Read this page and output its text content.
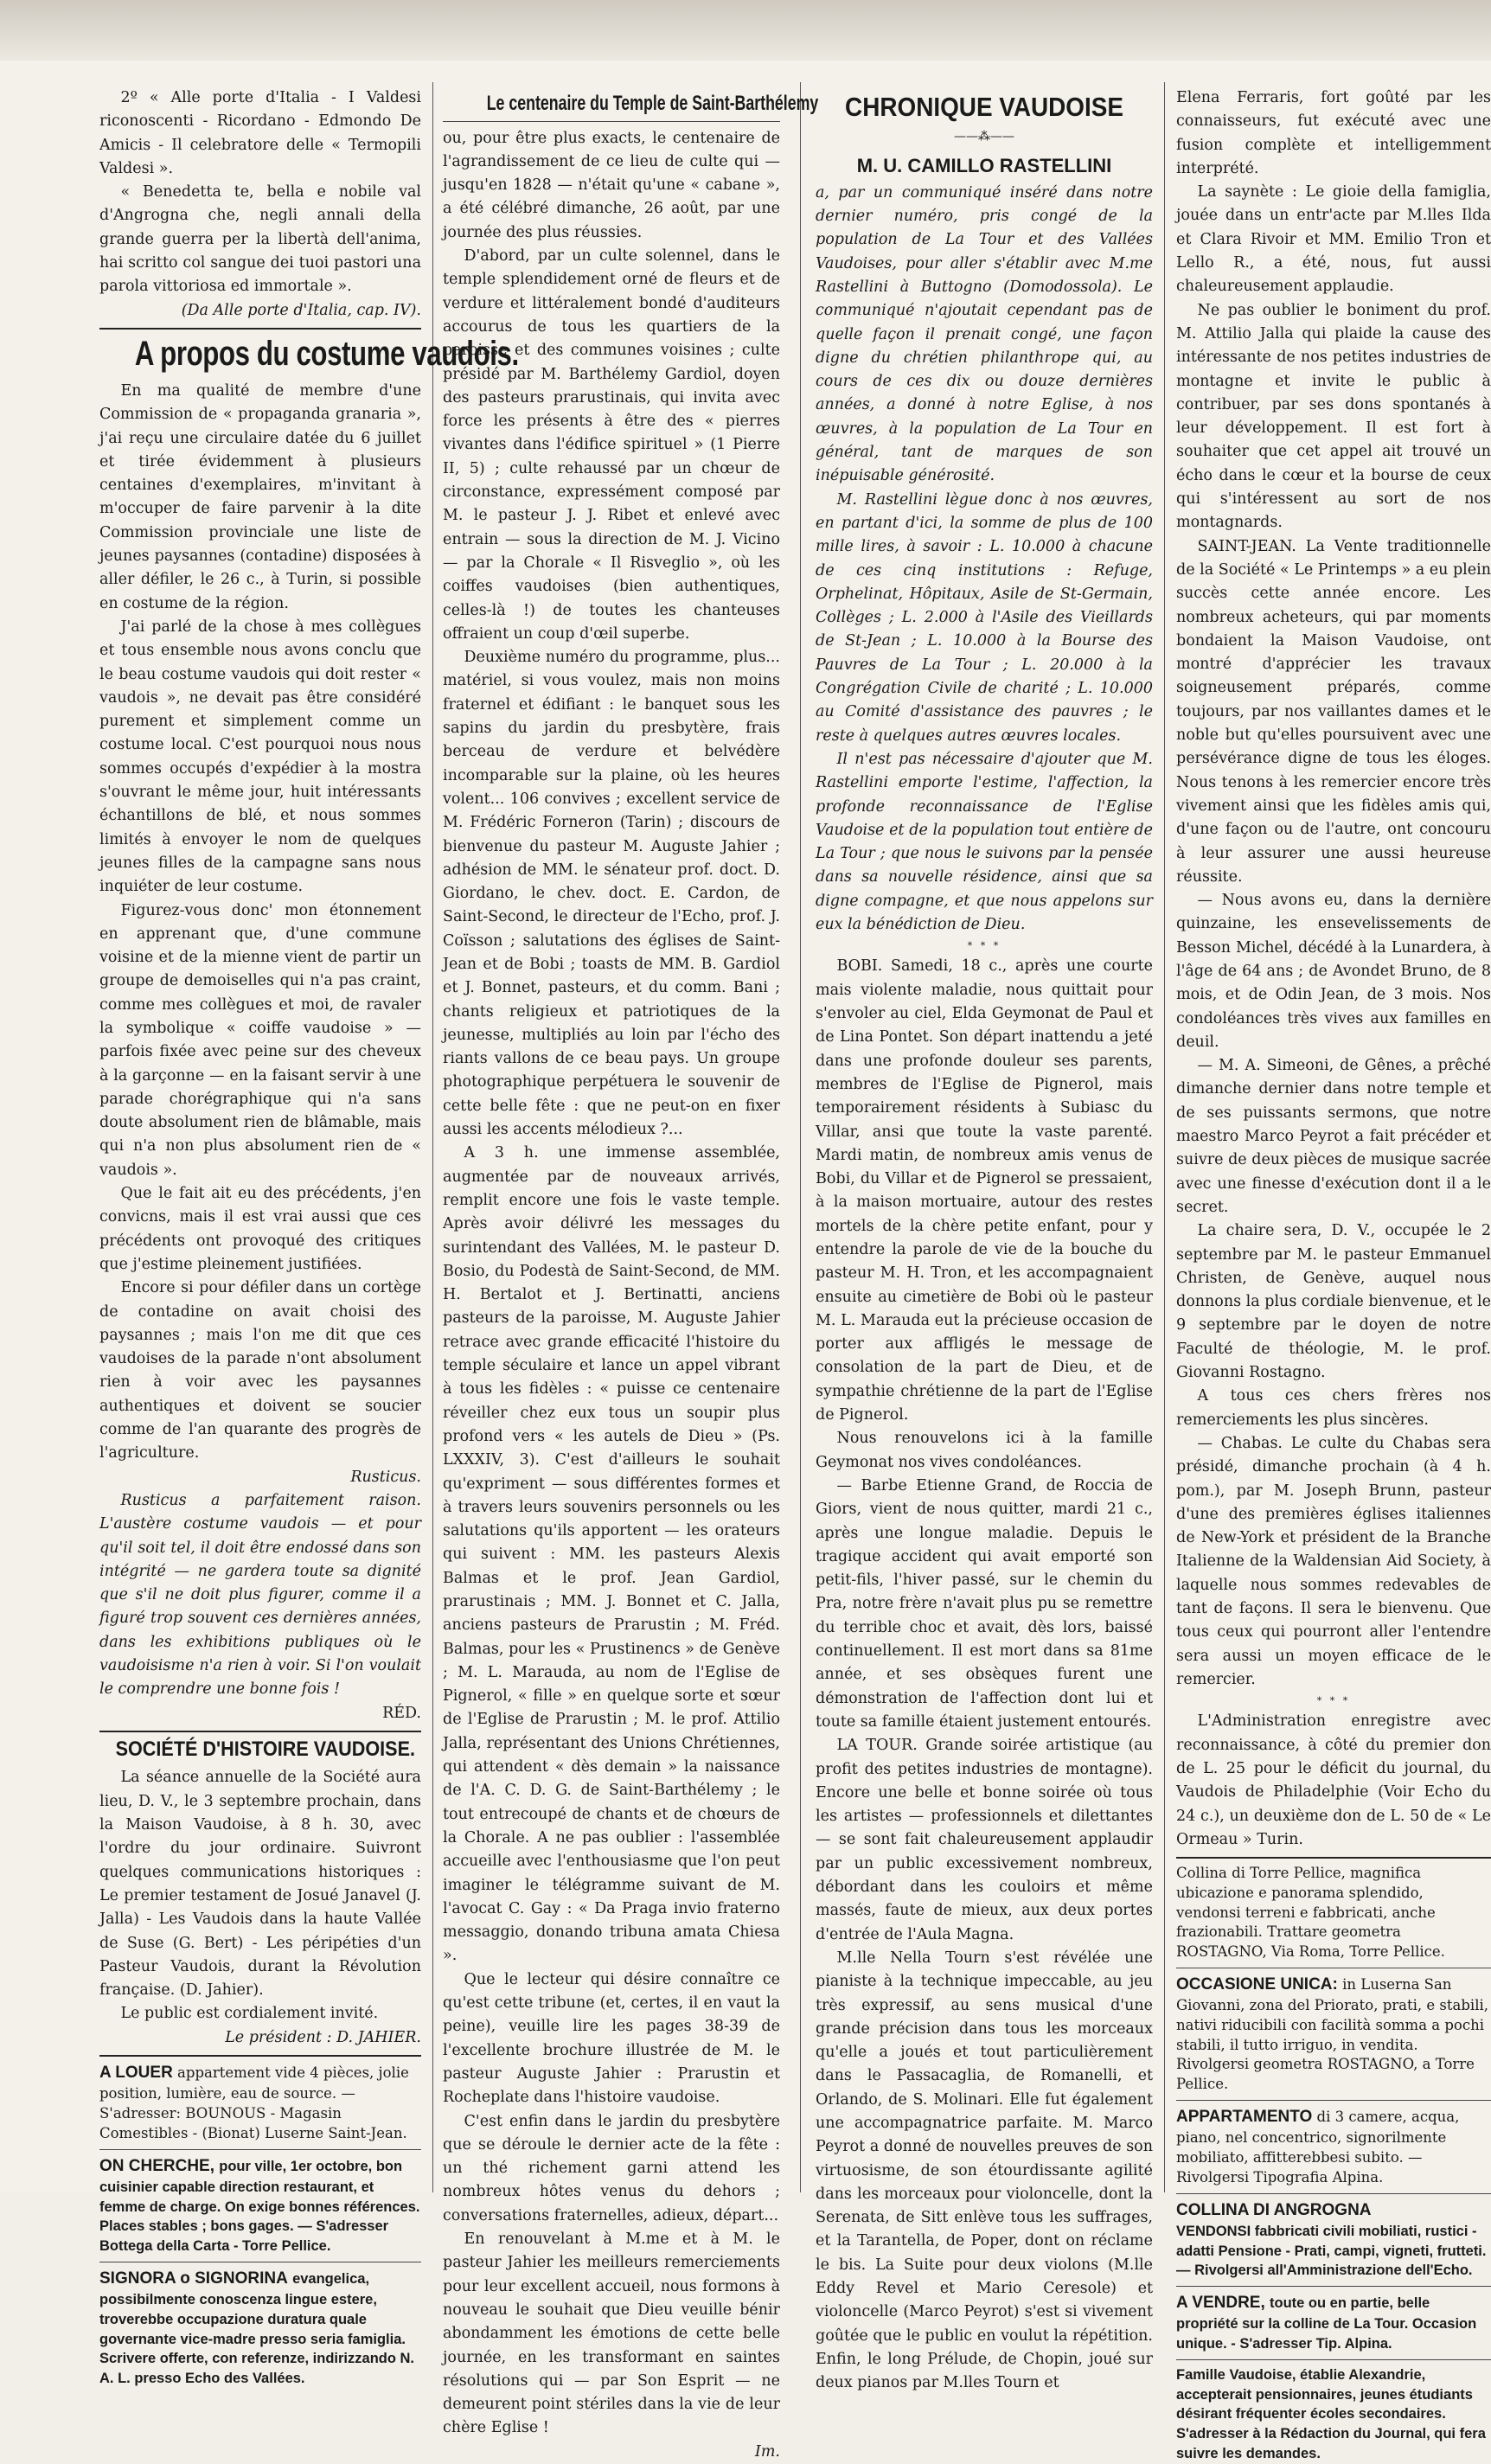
2º « Alle porte d'Italia - I Valdesi riconoscenti - Ricordano - Edmondo De Amicis - Il celebratore delle « Termopili Valdesi ».

« Benedetta te, bella e nobile val d'Angrogna che, negli annali della grande guerra per la libertà dell'anima, hai scritto col sangue dei tuoi pastori una parola vittoriosa ed immortale ».

(Da Alle porte d'Italia, cap. IV).

A propos du costume vaudois.

En ma qualité de membre d'une Commission de « propaganda granaria », j'ai reçu une circulaire datée du 6 juillet et tirée évidemment à plusieurs centaines d'exemplaires, m'invitant à m'occuper de faire parvenir à la dite Commission provinciale une liste de jeunes paysannes (contadine) disposées à aller défiler, le 26 c., à Turin, si possible en costume de la région.

J'ai parlé de la chose à mes collègues et tous ensemble nous avons conclu que le beau costume vaudois qui doit rester « vaudois », ne devait pas être considéré purement et simplement comme un costume local. C'est pourquoi nous nous sommes occupés d'expédier à la mostra s'ouvrant le même jour, huit intéressants échantillons de blé, et nous sommes limités à envoyer le nom de quelques jeunes filles de la campagne sans nous inquiéter de leur costume.

Figurez-vous donc' mon étonnement en apprenant que, d'une commune voisine et de la mienne vient de partir un groupe de demoiselles qui n'a pas craint, comme mes collègues et moi, de ravaler la symbolique « coiffe vaudoise » — parfois fixée avec peine sur des cheveux à la garçonne — en la faisant servir à une parade chorégraphique qui n'a sans doute absolument rien de blâmable, mais qui n'a non plus absolument rien de « vaudois ».

Que le fait ait eu des précédents, j'en convicns, mais il est vrai aussi que ces précédents ont provoqué des critiques que j'estime pleinement justifiées.

Encore si pour défiler dans un cortège de contadine on avait choisi des paysannes ; mais l'on me dit que ces vaudoises de la parade n'ont absolument rien à voir avec les paysannes authentiques et doivent se soucier comme de l'an quarante des progrès de l'agriculture.

Rusticus.

Rusticus a parfaitement raison. L'austère costume vaudois — et pour qu'il soit tel, il doit être endossé dans son intégrité — ne gardera toute sa dignité que s'il ne doit plus figurer, comme il a figuré trop souvent ces dernières années, dans les exhibitions publiques où le vaudoisisme n'a rien à voir. Si l'on voulait le comprendre une bonne fois !

RÉD.

SOCIÉTÉ D'HISTOIRE VAUDOISE.

La séance annuelle de la Société aura lieu, D. V., le 3 septembre prochain, dans la Maison Vaudoise, à 8 h. 30, avec l'ordre du jour ordinaire. Suivront quelques communications historiques : Le premier testament de Josué Janavel (J. Jalla) - Les Vaudois dans la haute Vallée de Suse (G. Bert) - Les péripéties d'un Pasteur Vaudois, durant la Révolution française. (D. Jahier).

Le public est cordialement invité.

Le président : D. JAHIER.

A LOUER appartement vide 4 pièces, jolie position, lumière, eau de source. — S'adresser: BOUNOUS - Magasin Comestibles - (Bionat) Luserne Saint-Jean.
ON CHERCHE, pour ville, 1er octobre, bon cuisinier capable direction restaurant, et femme de charge. On exige bonnes références. Places stables ; bons gages. — S'adresser Bottega della Carta - Torre Pellice.
SIGNORA o SIGNORINA evangelica, possibilmente conoscenza lingue estere, troverebbe occupazione duratura quale governante vice-madre presso seria famiglia. Scrivere offerte, con referenze, indirizzando N. A. L. presso Echo des Vallées.
Le centenaire du Temple de Saint-Barthélemy

ou, pour être plus exacts, le centenaire de l'agrandissement de ce lieu de culte qui — jusqu'en 1828 — n'était qu'une « cabane », a été célébré dimanche, 26 août, par une journée des plus réussies.

D'abord, par un culte solennel, dans le temple splendidement orné de fleurs et de verdure et littéralement bondé d'auditeurs accourus de tous les quartiers de la paroisse et des communes voisines ; culte présidé par M. Barthélemy Gardiol, doyen des pasteurs prarustinais, qui invita avec force les présents à être des « pierres vivantes dans l'édifice spirituel » (1 Pierre II, 5) ; culte rehaussé par un chœur de circonstance, expressément composé par M. le pasteur J. J. Ribet et enlevé avec entrain — sous la direction de M. J. Vicino — par la Chorale « Il Risveglio », où les coiffes vaudoises (bien authentiques, celles-là !) de toutes les chanteuses offraient un coup d'œil superbe.

Deuxième numéro du programme, plus... matériel, si vous voulez, mais non moins fraternel et édifiant : le banquet sous les sapins du jardin du presbytère, frais berceau de verdure et belvédère incomparable sur la plaine, où les heures volent... 106 convives ; excellent service de M. Frédéric Forneron (Tarin) ; discours de bienvenue du pasteur M. Auguste Jahier ; adhésion de MM. le sénateur prof. doct. D. Giordano, le chev. doct. E. Cardon, de Saint-Second, le directeur de l'Echo, prof. J. Coïsson ; salutations des églises de Saint-Jean et de Bobi ; toasts de MM. B. Gardiol et J. Bonnet, pasteurs, et du comm. Bani ; chants religieux et patriotiques de la jeunesse, multipliés au loin par l'écho des riants vallons de ce beau pays. Un groupe photographique perpétuera le souvenir de cette belle fête : que ne peut-on en fixer aussi les accents mélodieux ?...

A 3 h. une immense assemblée, augmentée par de nouveaux arrivés, remplit encore une fois le vaste temple. Après avoir délivré les messages du surintendant des Vallées, M. le pasteur D. Bosio, du Podestà de Saint-Second, de MM. H. Bertalot et J. Bertinatti, anciens pasteurs de la paroisse, M. Auguste Jahier retrace avec grande efficacité l'histoire du temple séculaire et lance un appel vibrant à tous les fidèles : « puisse ce centenaire réveiller chez eux tous un soupir plus profond vers « les autels de Dieu » (Ps. LXXXIV, 3). C'est d'ailleurs le souhait qu'expriment — sous différentes formes et à travers leurs souvenirs personnels ou les salutations qu'ils apportent — les orateurs qui suivent : MM. les pasteurs Alexis Balmas et le prof. Jean Gardiol, prarustinais ; MM. J. Bonnet et C. Jalla, anciens pasteurs de Prarustin ; M. Fréd. Balmas, pour les « Prustinencs » de Genève ; M. L. Marauda, au nom de l'Eglise de Pignerol, « fille » en quelque sorte et sœur de l'Eglise de Prarustin ; M. le prof. Attilio Jalla, représentant des Unions Chrétiennes, qui attendent « dès demain » la naissance de l'A. C. D. G. de Saint-Barthélemy ; le tout entrecoupé de chants et de chœurs de la Chorale. A ne pas oublier : l'assemblée accueille avec l'enthousiasme que l'on peut imaginer le télégramme suivant de M. l'avocat C. Gay : « Da Praga invio fraterno messaggio, donando tribuna amata Chiesa ».

Que le lecteur qui désire connaître ce qu'est cette tribune (et, certes, il en vaut la peine), veuille lire les pages 38-39 de l'excellente brochure illustrée de M. le pasteur Auguste Jahier : Prarustin et Rocheplate dans l'histoire vaudoise.

C'est enfin dans le jardin du presbytère que se déroule le dernier acte de la fête : un thé richement garni attend les nombreux hôtes venus du dehors ; conversations fraternelles, adieux, départ...

En renouvelant à M.me et à M. le pasteur Jahier les meilleurs remerciements pour leur excellent accueil, nous formons à nouveau le souhait que Dieu veuille bénir abondamment les émotions de cette belle journée, en les transformant en saintes résolutions qui — par Son Esprit — ne demeurent point stériles dans la vie de leur chère Eglise !

Im.

CHRONIQUE VAUDOISE
——⁂——
M. U. CAMILLO RASTELLINI

a, par un communiqué inséré dans notre dernier numéro, pris congé de la population de La Tour et des Vallées Vaudoises, pour aller s'établir avec M.me Rastellini à Buttogno (Domodossola). Le communiqué n'ajoutait cependant pas de quelle façon il prenait congé, une façon digne du chrétien philanthrope qui, au cours de ces dix ou douze dernières années, a donné à notre Eglise, à nos œuvres, à la population de La Tour en général, tant de marques de son inépuisable générosité.

M. Rastellini lègue donc à nos œuvres, en partant d'ici, la somme de plus de 100 mille lires, à savoir : L. 10.000 à chacune de ces cinq institutions : Refuge, Orphelinat, Hôpitaux, Asile de St-Germain, Collèges ; L. 2.000 à l'Asile des Vieillards de St-Jean ; L. 10.000 à la Bourse des Pauvres de La Tour ; L. 20.000 à la Congrégation Civile de charité ; L. 10.000 au Comité d'assistance des pauvres ; le reste à quelques autres œuvres locales.

Il n'est pas nécessaire d'ajouter que M. Rastellini emporte l'estime, l'affection, la profonde reconnaissance de l'Eglise Vaudoise et de la population tout entière de La Tour ; que nous le suivons par la pensée dans sa nouvelle résidence, ainsi que sa digne compagne, et que nous appelons sur eux la bénédiction de Dieu.

* * *

BOBI. Samedi, 18 c., après une courte mais violente maladie, nous quittait pour s'envoler au ciel, Elda Geymonat de Paul et de Lina Pontet. Son départ inattendu a jeté dans une profonde douleur ses parents, membres de l'Eglise de Pignerol, mais temporairement résidents à Subiasc du Villar, ansi que toute la vaste parenté. Mardi matin, de nombreux amis venus de Bobi, du Villar et de Pignerol se pressaient, à la maison mortuaire, autour des restes mortels de la chère petite enfant, pour y entendre la parole de vie de la bouche du pasteur M. H. Tron, et les accompagnaient ensuite au cimetière de Bobi où le pasteur M. L. Marauda eut la précieuse occasion de porter aux affligés le message de consolation de la part de Dieu, et de sympathie chrétienne de la part de l'Eglise de Pignerol.

Nous renouvelons ici à la famille Geymonat nos vives condoléances.

— Barbe Etienne Grand, de Roccia de Giors, vient de nous quitter, mardi 21 c., après une longue maladie. Depuis le tragique accident qui avait emporté son petit-fils, l'hiver passé, sur le chemin du Pra, notre frère n'avait plus pu se remettre du terrible choc et avait, dès lors, baissé continuellement. Il est mort dans sa 81me année, et ses obsèques furent une démonstration de l'affection dont lui et toute sa famille étaient justement entourés.

LA TOUR. Grande soirée artistique (au profit des petites industries de montagne). Encore une belle et bonne soirée où tous les artistes — professionnels et dilettantes — se sont fait chaleureusement applaudir par un public excessivement nombreux, débordant dans les couloirs et même massés, faute de mieux, aux deux portes d'entrée de l'Aula Magna.

M.lle Nella Tourn s'est révélée une pianiste à la technique impeccable, au jeu très expressif, au sens musical d'une grande précision dans tous les morceaux qu'elle a joués et tout particulièrement dans le Passacaglia, de Romanelli, et Orlando, de S. Molinari. Elle fut également une accompagnatrice parfaite. M. Marco Peyrot a donné de nouvelles preuves de son virtuosisme, de son étourdissante agilité dans les morceaux pour violoncelle, dont la Serenata, de Sitt enlève tous les suffrages, et la Tarantella, de Poper, dont on réclame le bis. La Suite pour deux violons (M.lle Eddy Revel et Mario Ceresole) et violoncelle (Marco Peyrot) s'est si vivement goûtée que le public en voulut la répétition. Enfin, le long Prélude, de Chopin, joué sur deux pianos par M.lles Tourn et

Elena Ferraris, fort goûté par les connaisseurs, fut exécuté avec une fusion complète et intelligemment interprété.

La saynète : Le gioie della famiglia, jouée dans un entr'acte par M.lles Ilda et Clara Rivoir et MM. Emilio Tron et Lello R., a été, nous, fut aussi chaleureusement applaudie.

Ne pas oublier le boniment du prof. M. Attilio Jalla qui plaide la cause des intéressante de nos petites industries de montagne et invite le public à contribuer, par ses dons spontanés à leur développement. Il est fort à souhaiter que cet appel ait trouvé un écho dans le cœur et la bourse de ceux qui s'intéressent au sort de nos montagnards.

SAINT-JEAN. La Vente traditionnelle de la Société « Le Printemps » a eu plein succès cette année encore. Les nombreux acheteurs, qui par moments bondaient la Maison Vaudoise, ont montré d'apprécier les travaux soigneusement préparés, comme toujours, par nos vaillantes dames et le noble but qu'elles poursuivent avec une persévérance digne de tous les éloges. Nous tenons à les remercier encore très vivement ainsi que les fidèles amis qui, d'une façon ou de l'autre, ont concouru à leur assurer une aussi heureuse réussite.

— Nous avons eu, dans la dernière quinzaine, les ensevelissements de Besson Michel, décédé à la Lunardera, à l'âge de 64 ans ; de Avondet Bruno, de 8 mois, et de Odin Jean, de 3 mois. Nos condoléances très vives aux familles en deuil.

— M. A. Simeoni, de Gênes, a prêché dimanche dernier dans notre temple et de ses puissants sermons, que notre maestro Marco Peyrot a fait précéder et suivre de deux pièces de musique sacrée avec une finesse d'exécution dont il a le secret.

La chaire sera, D. V., occupée le 2 septembre par M. le pasteur Emmanuel Christen, de Genève, auquel nous donnons la plus cordiale bienvenue, et le 9 septembre par le doyen de notre Faculté de théologie, M. le prof. Giovanni Rostagno.

A tous ces chers frères nos remerciements les plus sincères.

— Chabas. Le culte du Chabas sera présidé, dimanche prochain (à 4 h. pom.), par M. Joseph Brunn, pasteur d'une des premières églises italiennes de New-York et président de la Branche Italienne de la Waldensian Aid Society, à laquelle nous sommes redevables de tant de façons. Il sera le bienvenu. Que tous ceux qui pourront aller l'entendre sera aussi un moyen efficace de le remercier.

* * *

L'Administration enregistre avec reconnaissance, à côté du premier don de L. 25 pour le déficit du journal, du Vaudois de Philadelphie (Voir Echo du 24 c.), un deuxième don de L. 50 de « Le Ormeau » Turin.

Collina di Torre Pellice, magnifica ubicazione e panorama splendido, vendonsi terreni e fabbricati, anche frazionabili. Trattare geometra ROSTAGNO, Via Roma, Torre Pellice.
OCCASIONE UNICA: in Luserna San Giovanni, zona del Priorato, prati, e stabili, nativi riducibili con facilità somma a pochi stabili, il tutto irriguo, in vendita. Rivolgersi geometra ROSTAGNO, a Torre Pellice.
APPARTAMENTO di 3 camere, acqua, piano, nel concentrico, signorilmente mobiliato, affitterebbesi subito. — Rivolgersi Tipografia Alpina.
COLLINA DI ANGROGNA
VENDONSI fabbricati civili mobiliati, rustici - adatti Pensione - Prati, campi, vigneti, frutteti. — Rivolgersi all'Amministrazione dell'Echo.
A VENDRE, toute ou en partie, belle propriété sur la colline de La Tour. Occasion unique. - S'adresser Tip. Alpina.
Famille Vaudoise, établie Alexandrie, accepterait pensionnaires, jeunes étudiants désirant fréquenter écoles secondaires. S'adresser à la Rédaction du Journal, qui fera suivre les demandes.
